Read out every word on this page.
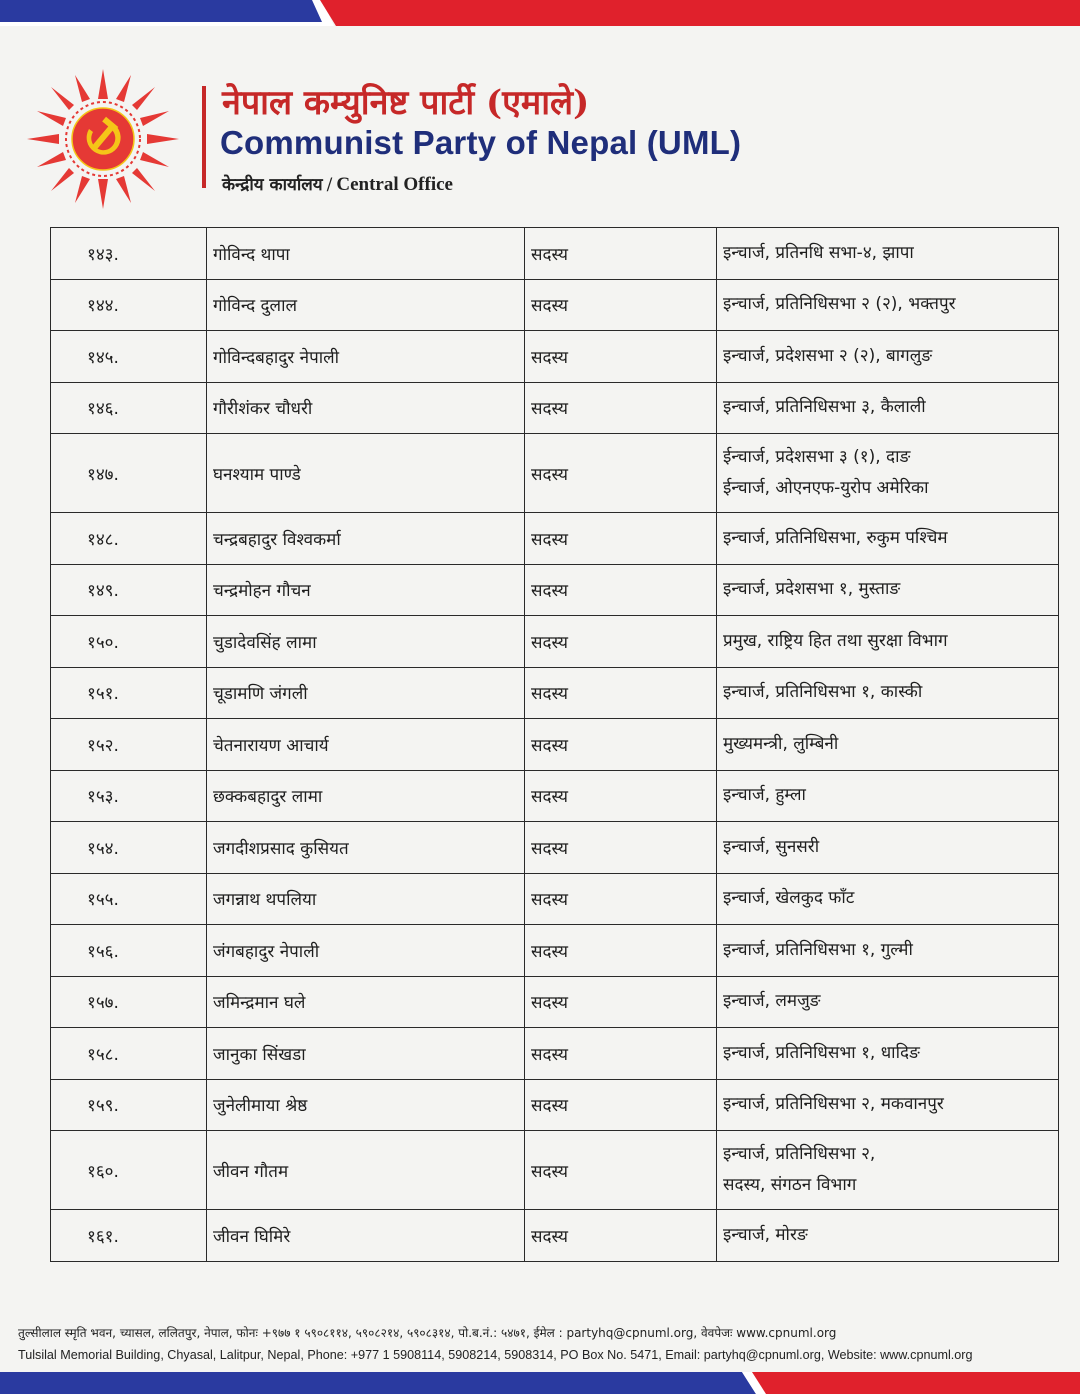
नेपाल कम्युनिष्ट पार्टी (एमाले)
Communist Party of Nepal (UML)
केन्द्रीय कार्यालय / Central Office
१४३.	गोविन्द थापा	सदस्य	इन्चार्ज, प्रतिनधि सभा-४, झापा

१४४.	गोविन्द दुलाल	सदस्य	इन्चार्ज, प्रतिनिधिसभा २ (२), भक्तपुर

१४५.	गोविन्दबहादुर नेपाली	सदस्य	इन्चार्ज, प्रदेशसभा २ (२), बागलुङ

१४६.	गौरीशंकर चौधरी	सदस्य	इन्चार्ज, प्रतिनिधिसभा ३, कैलाली

१४७.	घनश्याम पाण्डे	सदस्य	ईन्चार्ज, प्रदेशसभा ३ (१), दाङ
ईन्चार्ज, ओएनएफ-युरोप अमेरिका

१४८.	चन्द्रबहादुर विश्वकर्मा	सदस्य	इन्चार्ज, प्रतिनिधिसभा, रुकुम पश्चिम

१४९.	चन्द्रमोहन गौचन	सदस्य	इन्चार्ज, प्रदेशसभा १, मुस्ताङ

१५०.	चुडादेवसिंह लामा	सदस्य	प्रमुख, राष्ट्रिय हित तथा सुरक्षा विभाग

१५१.	चूडामणि जंगली	सदस्य	इन्चार्ज, प्रतिनिधिसभा १, कास्की

१५२.	चेतनारायण आचार्य	सदस्य	मुख्यमन्त्री, लुम्बिनी

१५३.	छक्कबहादुर लामा	सदस्य	इन्चार्ज, हुम्ला

१५४.	जगदीशप्रसाद कुसियत	सदस्य	इन्चार्ज, सुनसरी

१५५.	जगन्नाथ थपलिया	सदस्य	इन्चार्ज, खेलकुद फाँट

१५६.	जंगबहादुर नेपाली	सदस्य	इन्चार्ज, प्रतिनिधिसभा १, गुल्मी

१५७.	जमिन्द्रमान घले	सदस्य	इन्चार्ज, लमजुङ

१५८.	जानुका सिंखडा	सदस्य	इन्चार्ज, प्रतिनिधिसभा १, धादिङ

१५९.	जुनेलीमाया श्रेष्ठ	सदस्य	इन्चार्ज, प्रतिनिधिसभा २, मकवानपुर

१६०.	जीवन गौतम	सदस्य	इन्चार्ज, प्रतिनिधिसभा २,
सदस्य, संगठन विभाग

१६१.	जीवन घिमिरे	सदस्य	इन्चार्ज, मोरङ
तुल्सीलाल स्मृति भवन, च्यासल, ललितपुर, नेपाल, फोनः +९७७ १ ५९०८११४, ५९०८२१४, ५९०८३१४, पो.ब.नं.: ५४७१, ईमेल : partyhq@cpnuml.org, वेवपेजः www.cpnuml.org
Tulsilal Memorial Building, Chyasal, Lalitpur, Nepal, Phone: +977 1 5908114, 5908214, 5908314, PO Box No. 5471, Email: partyhq@cpnuml.org, Website: www.cpnuml.org
